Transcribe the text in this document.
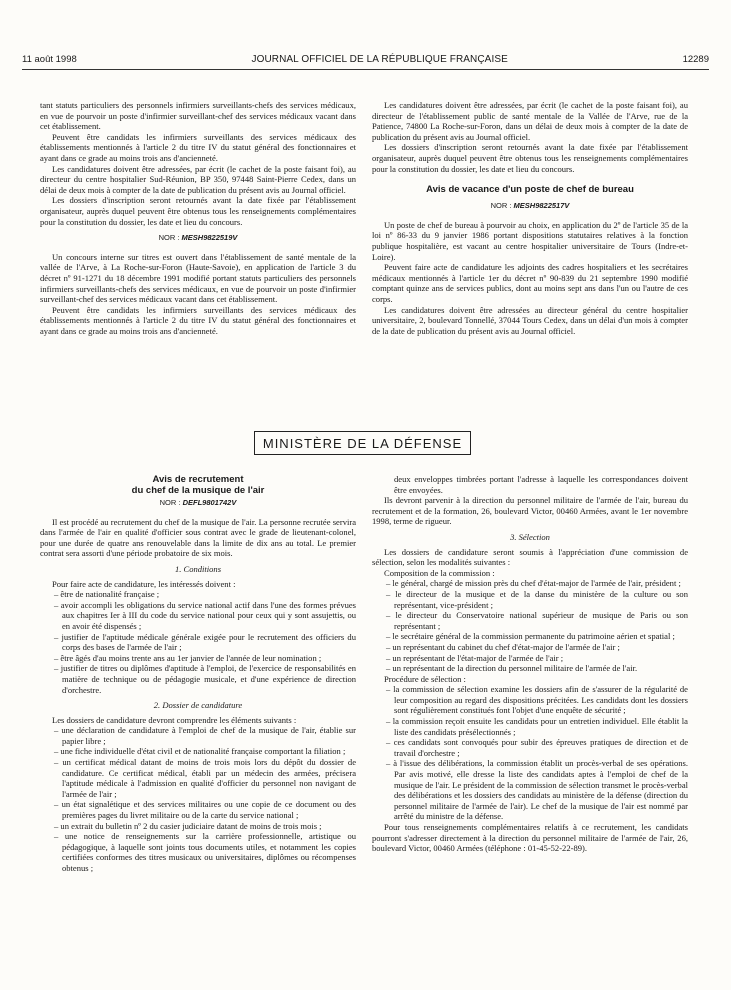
11 août 1998	JOURNAL OFFICIEL DE LA RÉPUBLIQUE FRANÇAISE	12289

tant statuts particuliers des personnels infirmiers surveillants-chefs des services médicaux, en vue de pourvoir un poste d'infirmier surveillant-chef des services médicaux vacant dans cet établissement.

Peuvent être candidats les infirmiers surveillants des services médicaux des établissements mentionnés à l'article 2 du titre IV du statut général des fonctionnaires et ayant dans ce grade au moins trois ans d'ancienneté.

Les candidatures doivent être adressées, par écrit (le cachet de la poste faisant foi), au directeur du centre hospitalier Sud-Réunion, BP 350, 97448 Saint-Pierre Cedex, dans un délai de deux mois à compter de la date de publication du présent avis au Journal officiel.

Les dossiers d'inscription seront retournés avant la date fixée par l'établissement organisateur, auprès duquel peuvent être obtenus tous les renseignements complémentaires pour la constitution du dossier, les date et lieu du concours.

NOR : MESH9822519V

Un concours interne sur titres est ouvert dans l'établissement de santé mentale de la vallée de l'Arve, à La Roche-sur-Foron (Haute-Savoie), en application de l'article 3 du décret nº 91-1271 du 18 décembre 1991 modifié portant statuts particuliers des personnels infirmiers surveillants-chefs des services médicaux, en vue de pourvoir un poste d'infirmier surveillant-chef des services médicaux vacant dans cet établissement.

Peuvent être candidats les infirmiers surveillants des services médicaux des établissements mentionnés à l'article 2 du titre IV du statut général des fonctionnaires et ayant dans ce grade au moins trois ans d'ancienneté.

Les candidatures doivent être adressées, par écrit (le cachet de la poste faisant foi), au directeur de l'établissement public de santé mentale de la Vallée de l'Arve, rue de la Patience, 74800 La Roche-sur-Foron, dans un délai de deux mois à compter de la date de publication du présent avis au Journal officiel.

Les dossiers d'inscription seront retournés avant la date fixée par l'établissement organisateur, auprès duquel peuvent être obtenus tous les renseignements complémentaires pour la constitution du dossier, les date et lieu du concours.

Avis de vacance d'un poste de chef de bureau
NOR : MESH9822517V

Un poste de chef de bureau à pourvoir au choix, en application du 2º de l'article 35 de la loi nº 86-33 du 9 janvier 1986 portant dispositions statutaires relatives à la fonction publique hospitalière, est vacant au centre hospitalier universitaire de Tours (Indre-et-Loire).

Peuvent faire acte de candidature les adjoints des cadres hospitaliers et les secrétaires médicaux mentionnés à l'article 1er du décret nº 90-839 du 21 septembre 1990 modifié comptant quinze ans de services publics, dont au moins sept ans dans l'un ou l'autre de ces corps.

Les candidatures doivent être adressées au directeur général du centre hospitalier universitaire, 2, boulevard Tonnellé, 37044 Tours Cedex, dans un délai d'un mois à compter de la date de publication du présent avis au Journal officiel.

MINISTÈRE DE LA DÉFENSE
Avis de recrutement
du chef de la musique de l'air
NOR : DEFL9801742V

Il est procédé au recrutement du chef de la musique de l'air. La personne recrutée servira dans l'armée de l'air en qualité d'officier sous contrat avec le grade de lieutenant-colonel, pour une durée de quatre ans renouvelable dans la limite de dix ans au total. Le premier contrat sera assorti d'une période probatoire de six mois.

1. Conditions

Pour faire acte de candidature, les intéressés doivent :

– être de nationalité française ;
– avoir accompli les obligations du service national actif dans l'une des formes prévues aux chapitres Ier à III du code du service national pour ceux qui y sont assujettis, ou en avoir été dispensés ;
– justifier de l'aptitude médicale générale exigée pour le recrutement des officiers du corps des bases de l'armée de l'air ;
– être âgés d'au moins trente ans au 1er janvier de l'année de leur nomination ;
– justifier de titres ou diplômes d'aptitude à l'emploi, de l'exercice de responsabilités en matière de technique ou de pédagogie musicale, et d'une expérience de direction d'orchestre.
2. Dossier de candidature

Les dossiers de candidature devront comprendre les éléments suivants :

– une déclaration de candidature à l'emploi de chef de la musique de l'air, établie sur papier libre ;
– une fiche individuelle d'état civil et de nationalité française comportant la filiation ;
– un certificat médical datant de moins de trois mois lors du dépôt du dossier de candidature. Ce certificat médical, établi par un médecin des armées, précisera l'aptitude médicale à l'admission en qualité d'officier du personnel non navigant de l'armée de l'air ;
– un état signalétique et des services militaires ou une copie de ce document ou des premières pages du livret militaire ou de la carte du service national ;
– un extrait du bulletin nº 2 du casier judiciaire datant de moins de trois mois ;
– une notice de renseignements sur la carrière professionnelle, artistique ou pédagogique, à laquelle sont joints tous documents utiles, et notamment les copies certifiées conformes des titres musicaux ou universitaires, diplômes ou récompenses obtenus ;

deux enveloppes timbrées portant l'adresse à laquelle les correspondances doivent être envoyées.

Ils devront parvenir à la direction du personnel militaire de l'armée de l'air, bureau du recrutement et de la formation, 26, boulevard Victor, 00460 Armées, avant le 1er novembre 1998, terme de rigueur.

3. Sélection

Les dossiers de candidature seront soumis à l'appréciation d'une commission de sélection, selon les modalités suivantes :

Composition de la commission :

– le général, chargé de mission près du chef d'état-major de l'armée de l'air, président ;
– le directeur de la musique et de la danse du ministère de la culture ou son représentant, vice-président ;
– le directeur du Conservatoire national supérieur de musique de Paris ou son représentant ;
– le secrétaire général de la commission permanente du patrimoine aérien et spatial ;
– un représentant du cabinet du chef d'état-major de l'armée de l'air ;
– un représentant de l'état-major de l'armée de l'air ;
– un représentant de la direction du personnel militaire de l'armée de l'air.

Procédure de sélection :

– la commission de sélection examine les dossiers afin de s'assurer de la régularité de leur composition au regard des dispositions précitées. Les candidats dont les dossiers sont régulièrement constitués font l'objet d'une enquête de sécurité ;
– la commission reçoit ensuite les candidats pour un entretien individuel. Elle établit la liste des candidats présélectionnés ;
– ces candidats sont convoqués pour subir des épreuves pratiques de direction et de travail d'orchestre ;
– à l'issue des délibérations, la commission établit un procès-verbal de ses opérations. Par avis motivé, elle dresse la liste des candidats aptes à l'emploi de chef de la musique de l'air. Le président de la commission de sélection transmet le procès-verbal des délibérations et les dossiers des candidats au ministère de la défense (direction du personnel militaire de l'armée de l'air). Le chef de la musique de l'air est nommé par arrêté du ministre de la défense.

Pour tous renseignements complémentaires relatifs à ce recrutement, les candidats pourront s'adresser directement à la direction du personnel militaire de l'armée de l'air, 26, boulevard Victor, 00460 Armées (téléphone : 01-45-52-22-89).
